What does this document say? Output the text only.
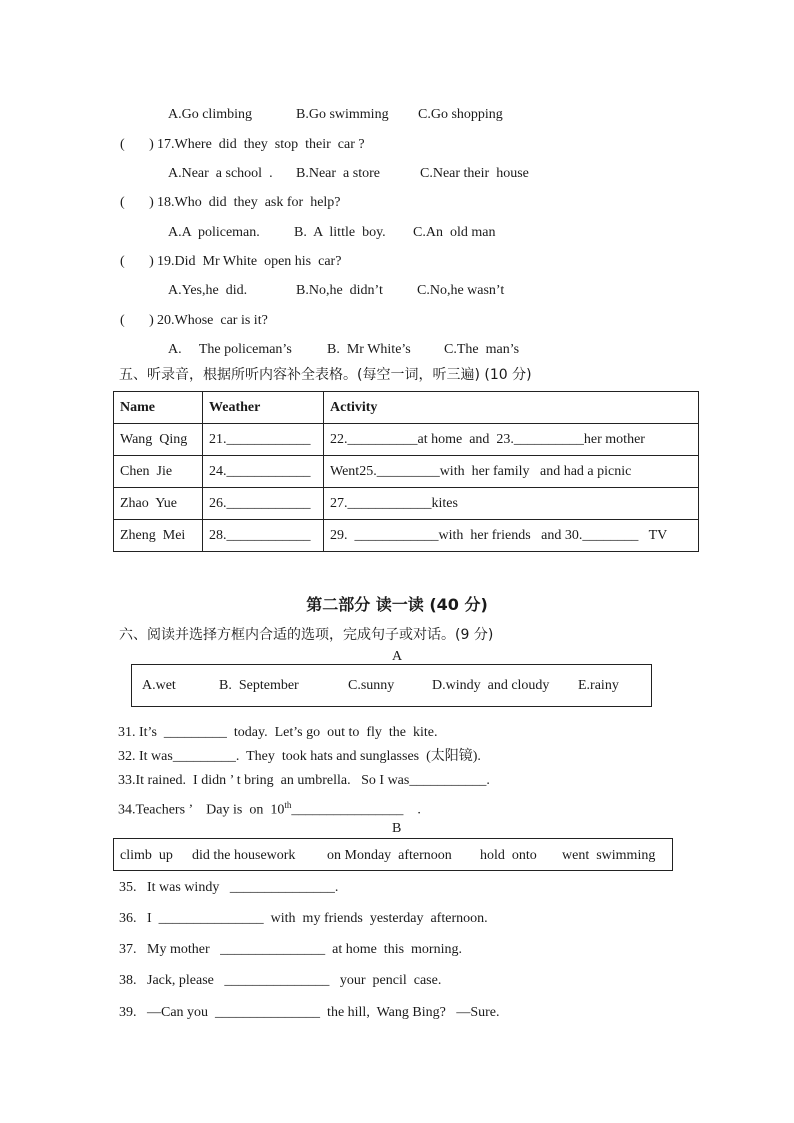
A.Go climbing	B.Go swimming C.Go shopping
(       ) 17.Where  did  they  stop  their  car ?
A.Near  a school  . B.Near  a store	C.Near their  house
(       ) 18.Who  did  they  ask for  help?
A.A  policeman. B.  A  little  boy. C.An  old man
(       ) 19.Did  Mr White  open his  car?
A.Yes,he  did.	B.No,he  didn’t C.No,he wasn’t
(       ) 20.Whose  car is it?
A.     The policeman’s	B.  Mr White’s C.The  man’s
五、听录音，根据所听内容补全表格。(每空一词，听三遍) (10 分)
Name	Weather	Activity
Wang  Qing	21.____________	22.__________at home  and  23.__________her mother
Chen  Jie	24.____________	Went25._________with  her family   and had a picnic
Zhao  Yue	26.____________	27.____________kites
Zheng  Mei	28.____________	29.  ____________with  her friends   and 30.________   TV
第二部分 读一读 (40 分)
六、阅读并选择方框内合适的选项，完成句子或对话。(9 分)
A
A.wet	B.  September	C.sunny	D.windy  and cloudy E.rainy
31. It’s  _________  today.  Let’s go  out to  fly  the  kite.
32. It was_________.  They  took hats and sunglasses  (太阳镜).
33.It rained.  I didn ’ t bring  an umbrella.   So I was___________.
34.Teachers ’    Day is  on  10th________________    .
B
climb  up did the housework on Monday  afternoon hold  onto went  swimming
35.   It was windy   _______________.
36.   I  _______________  with  my friends  yesterday  afternoon.
37.   My mother   _______________  at home  this  morning.
38.   Jack, please   _______________   your  pencil  case.
39.   —Can you  _______________  the hill,  Wang Bing?   —Sure.
